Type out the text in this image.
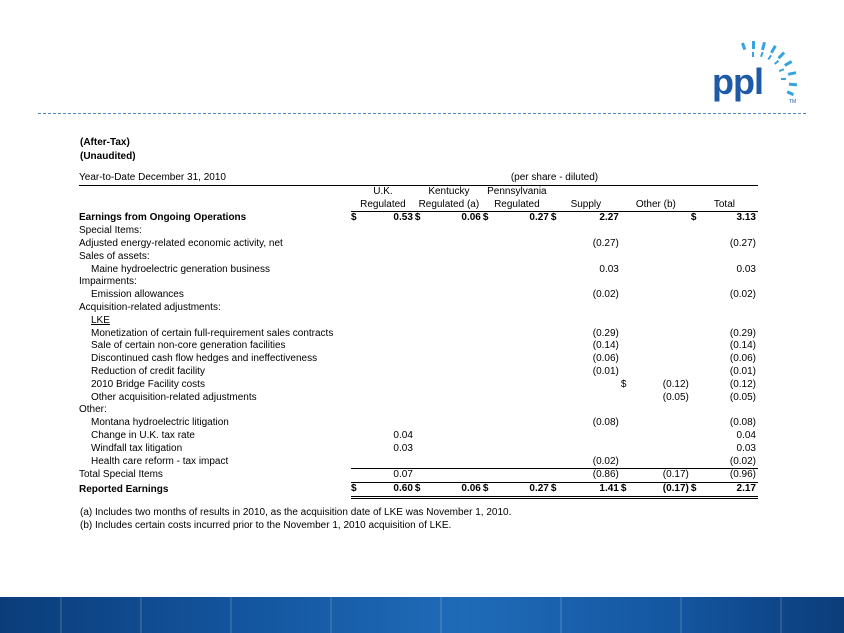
ppl	TM
(After-Tax)
(Unaudited)
Year-to-Date December 31, 2010	(per share - diluted)											
	U.K.		Kentucky		Pennsylvania							
	Regulated		Regulated (a)		Regulated		Supply		Other (b)		Total	
Earnings from Ongoing Operations	$	0.53	$	0.06	$	0.27	$	2.27			$	3.13
Special Items:												
Adjusted energy-related economic activity, net								(0.27)				(0.27)
Sales of assets:												
Maine hydroelectric generation business								0.03				0.03
Impairments:												
Emission allowances								(0.02)				(0.02)
Acquisition-related adjustments:												
LKE												
Monetization of certain full-requirement sales contracts								(0.29)				(0.29)
Sale of certain non-core generation facilities								(0.14)				(0.14)
Discontinued cash flow hedges and ineffectiveness								(0.06)				(0.06)
Reduction of credit facility								(0.01)				(0.01)
2010 Bridge Facility costs									$	(0.12)		(0.12)
Other acquisition-related adjustments										(0.05)		(0.05)
Other:												
Montana hydroelectric litigation								(0.08)				(0.08)
Change in U.K. tax rate		0.04										0.04
Windfall tax litigation		0.03										0.03
Health care reform - tax impact								(0.02)				(0.02)
Total Special Items		0.07						(0.86)		(0.17)		(0.96)
Reported Earnings	$	0.60	$	0.06	$	0.27	$	1.41	$	(0.17)	$	2.17
(a) Includes two months of results in 2010, as the acquisition date of LKE was November 1, 2010.
(b) Includes certain costs incurred prior to the November 1, 2010 acquisition of LKE.
